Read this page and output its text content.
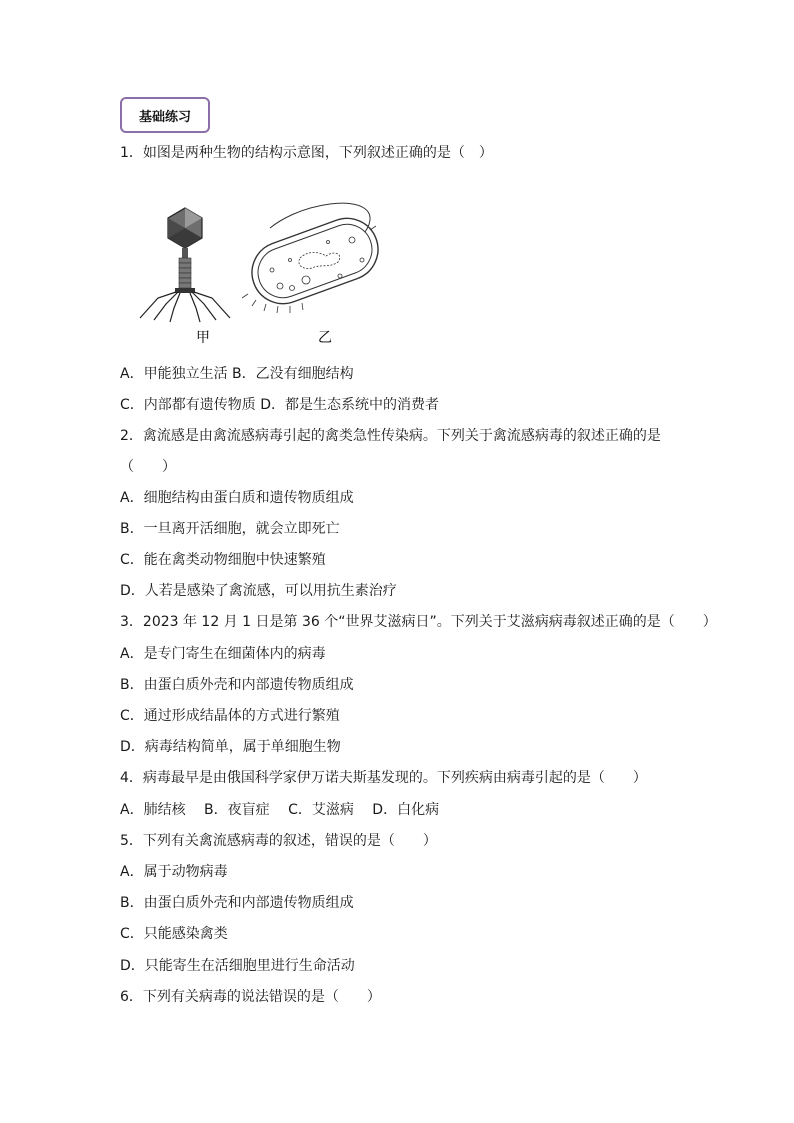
基础练习
1．如图是两种生物的结构示意图，下列叙述正确的是（　）
甲	乙
A．甲能独立生活 B．乙没有细胞结构
C．内部都有遗传物质 D．都是生态系统中的消费者
2．禽流感是由禽流感病毒引起的禽类急性传染病。下列关于禽流感病毒的叙述正确的是
（　　）
A．细胞结构由蛋白质和遗传物质组成
B．一旦离开活细胞，就会立即死亡
C．能在禽类动物细胞中快速繁殖
D．人若是感染了禽流感，可以用抗生素治疗
3．2023 年 12 月 1 日是第 36 个“世界艾滋病日”。下列关于艾滋病病毒叙述正确的是（　　）
A．是专门寄生在细菌体内的病毒
B．由蛋白质外壳和内部遗传物质组成
C．通过形成结晶体的方式进行繁殖
D．病毒结构简单，属于单细胞生物
4．病毒最早是由俄国科学家伊万诺夫斯基发现的。下列疾病由病毒引起的是（　　）
A．肺结核　 B．夜盲症　 C．艾滋病　 D．白化病
5．下列有关禽流感病毒的叙述，错误的是（　　）
A．属于动物病毒
B．由蛋白质外壳和内部遗传物质组成
C．只能感染禽类
D．只能寄生在活细胞里进行生命活动
6．下列有关病毒的说法错误的是（　　）
